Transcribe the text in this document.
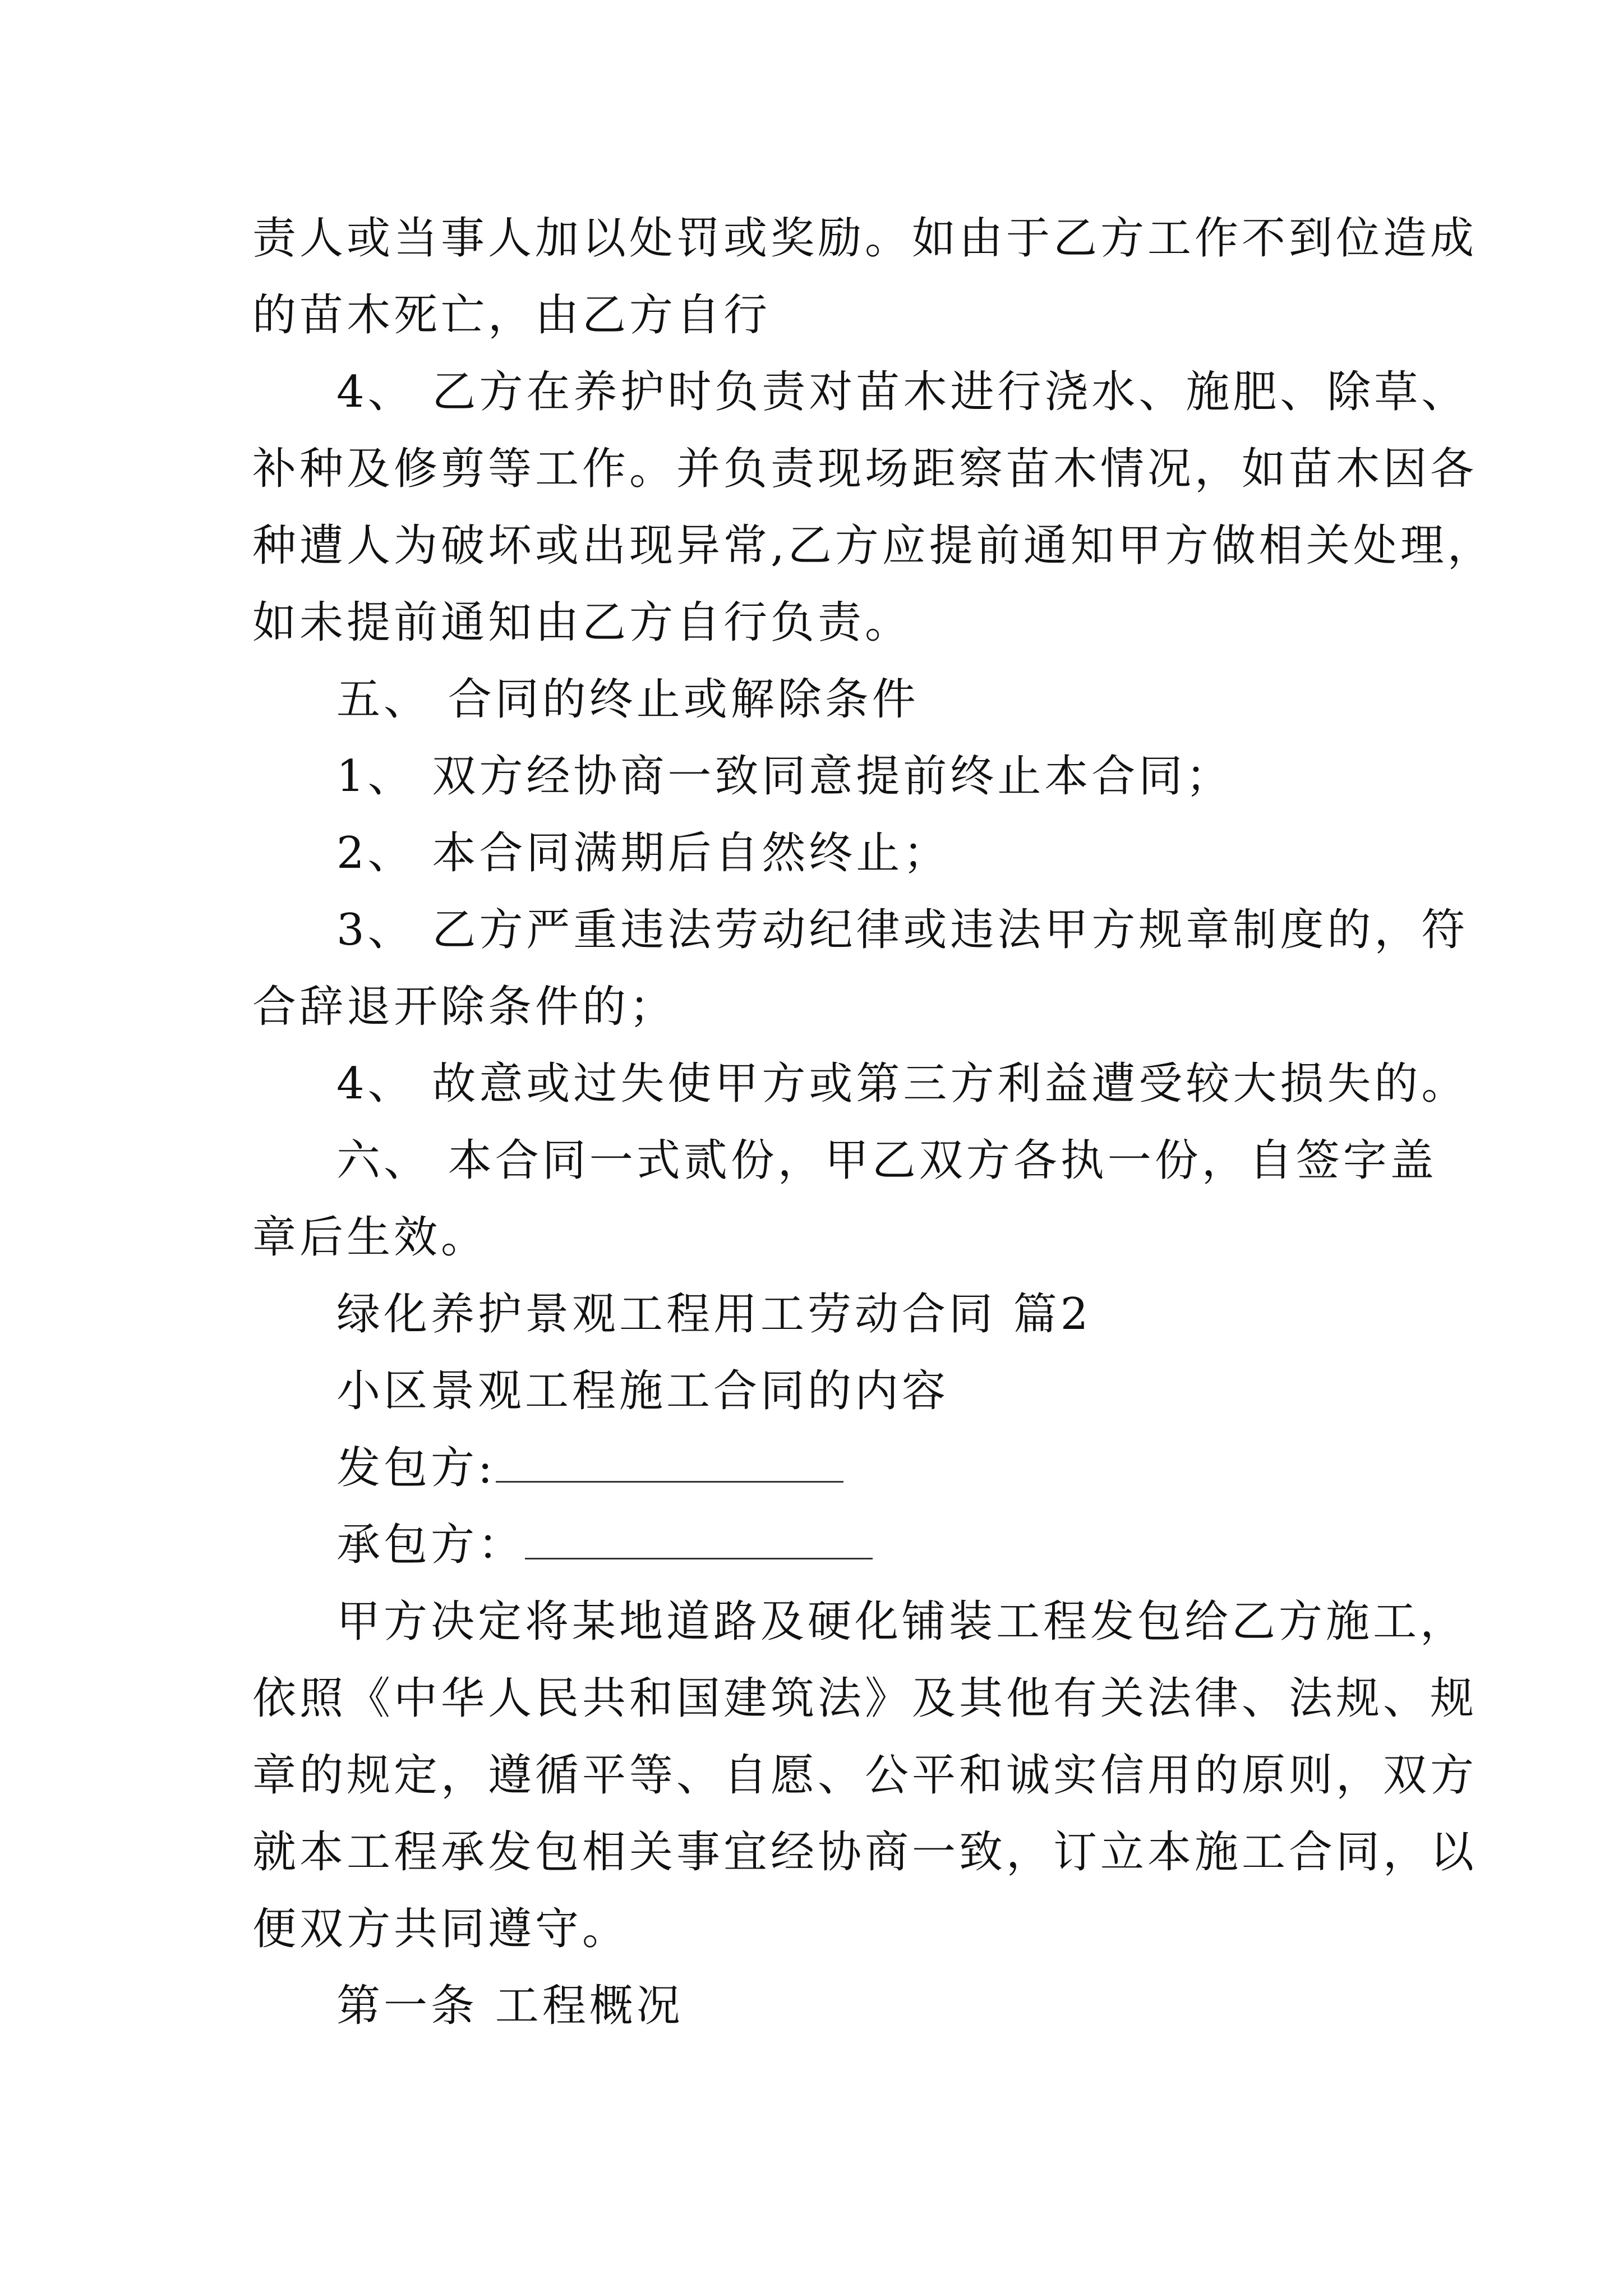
责人或当事人加以处罚或奖励。如由于乙方工作不到位造成
的苗木死亡，由乙方自行
4、 乙方在养护时负责对苗木进行浇水、施肥、除草、
补种及修剪等工作。并负责现场距察苗木情况，如苗木因各
种遭人为破坏或出现异常,乙方应提前通知甲方做相关处理，
如未提前通知由乙方自行负责。
五、 合同的终止或解除条件
1、 双方经协商一致同意提前终止本合同；
2、 本合同满期后自然终止；
3、 乙方严重违法劳动纪律或违法甲方规章制度的，符
合辞退开除条件的；
4、 故意或过失使甲方或第三方利益遭受较大损失的。
六、 本合同一式贰份，甲乙双方各执一份，自签字盖
章后生效。
绿化养护景观工程用工劳动合同 篇2
小区景观工程施工合同的内容
发包方:
承包方：
甲方决定将某地道路及硬化铺装工程发包给乙方施工，
依照《中华人民共和国建筑法》及其他有关法律、法规、规
章的规定，遵循平等、自愿、公平和诚实信用的原则，双方
就本工程承发包相关事宜经协商一致，订立本施工合同，以
便双方共同遵守。
第一条 工程概况
